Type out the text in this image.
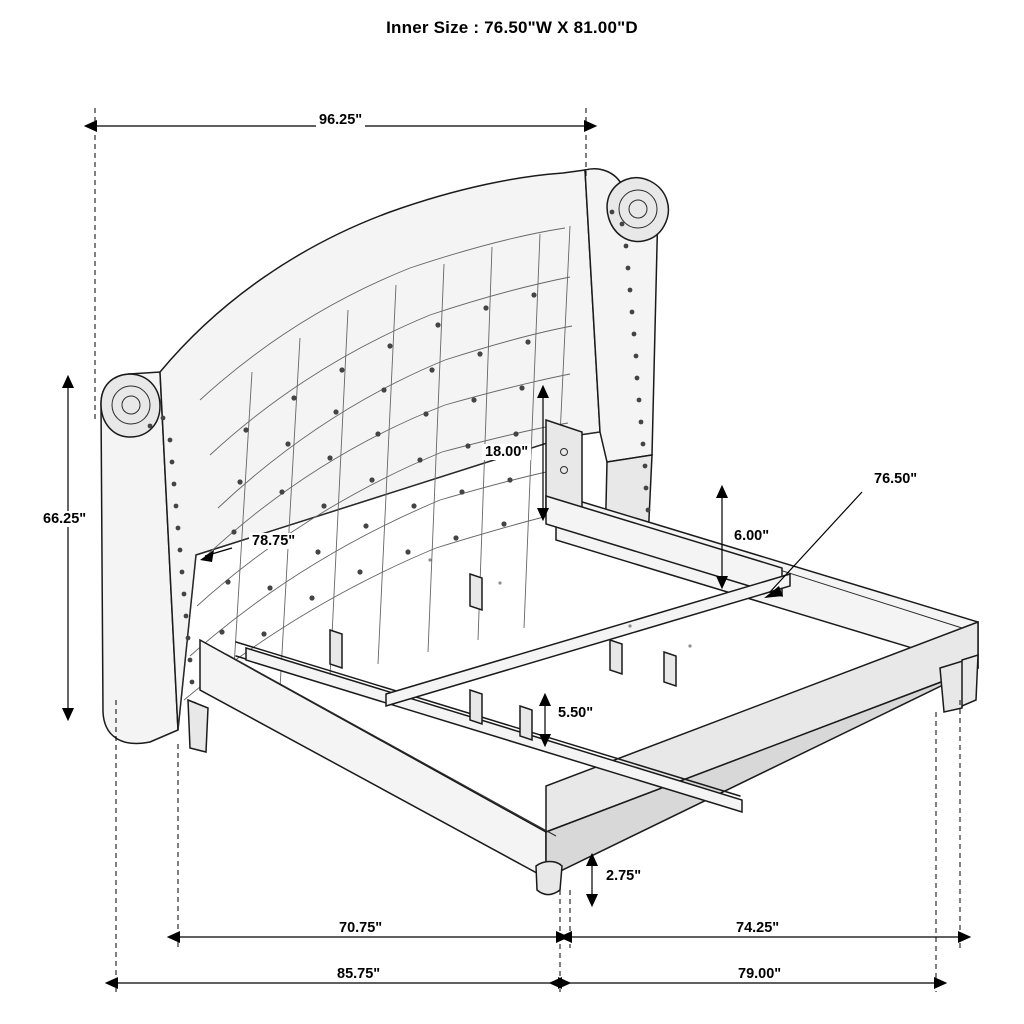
Inner Size : 76.50"W X 81.00"D
96.25"
66.25"
78.75"
18.00"
6.00"
76.50"
5.50"
2.75"
70.75"	74.25"
85.75"	79.00"
